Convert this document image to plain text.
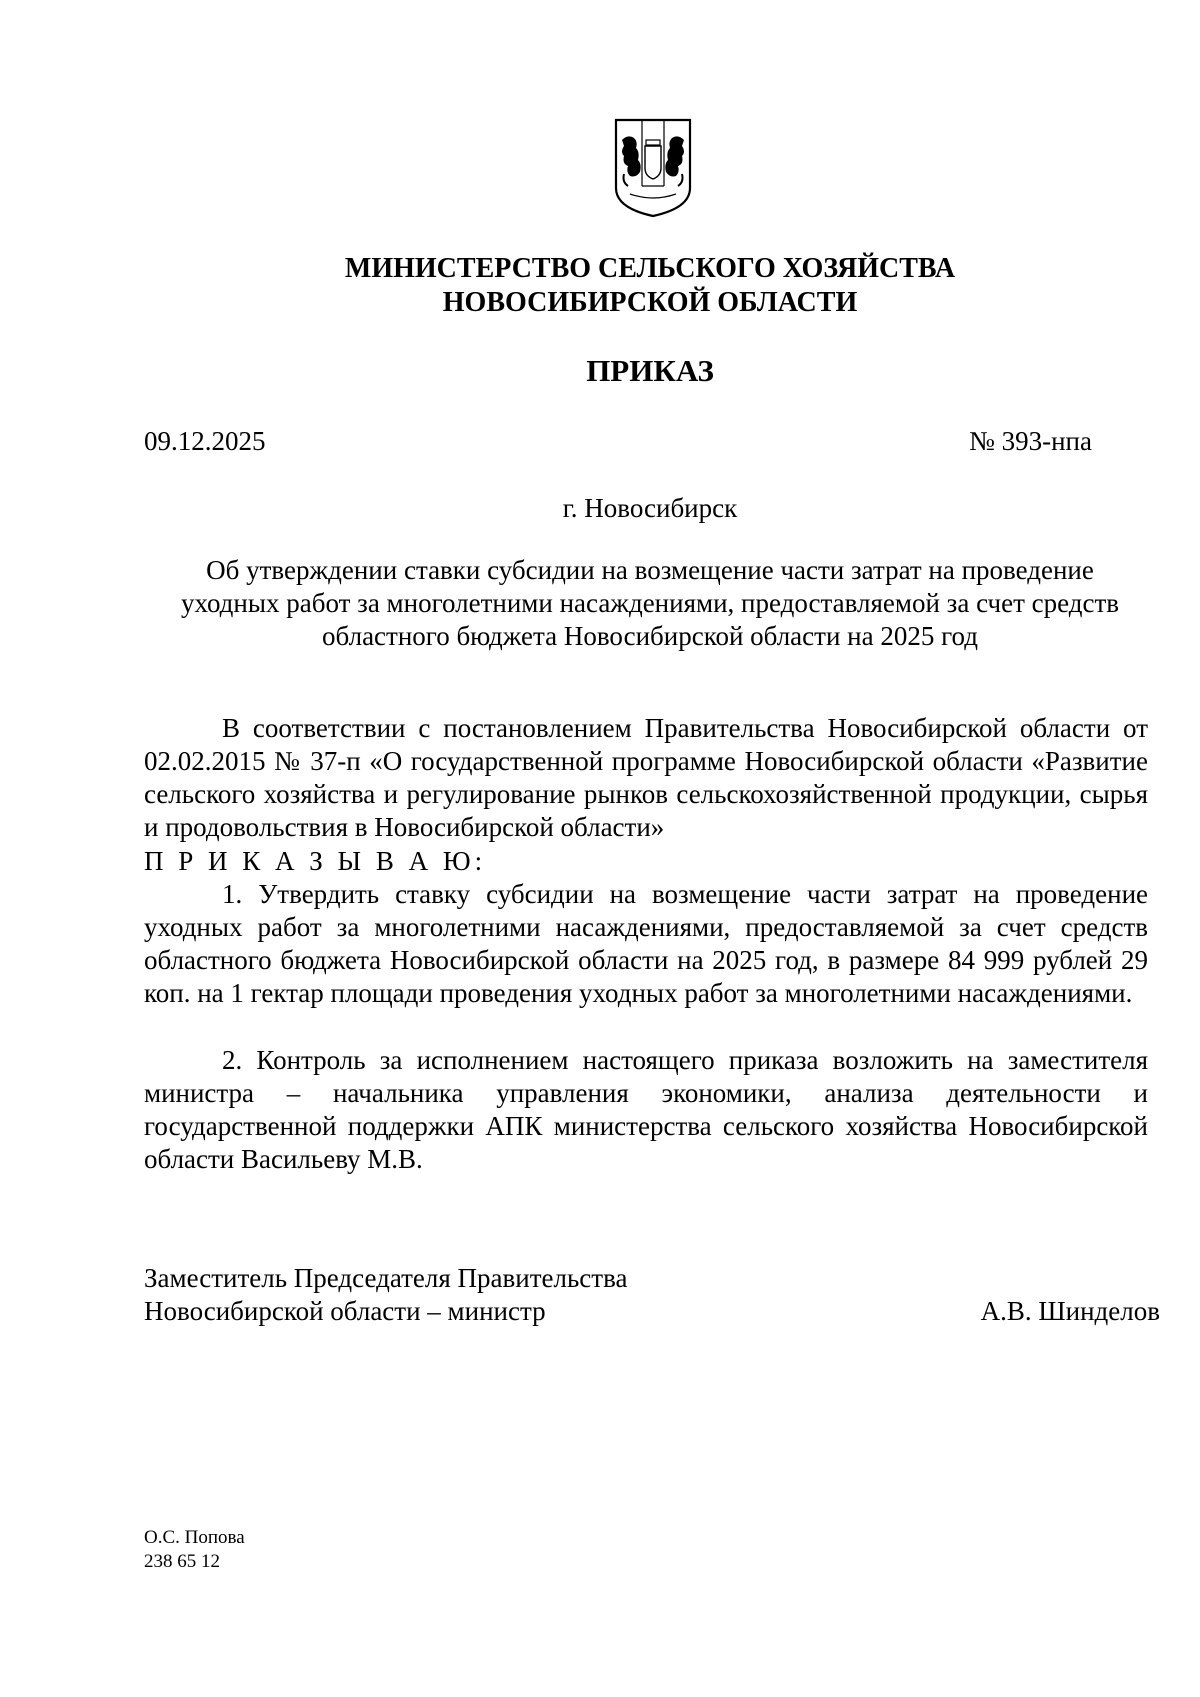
МИНИСТЕРСТВО СЕЛЬСКОГО ХОЗЯЙСТВА
НОВОСИБИРСКОЙ ОБЛАСТИ
ПРИКАЗ
09.12.2025	№ 393-нпа
г. Новосибирск
Об утверждении ставки субсидии на возмещение части затрат на проведение
уходных работ за многолетними насаждениями, предоставляемой за счет средств
областного бюджета Новосибирской области на 2025 год
В соответствии с постановлением Правительства Новосибирской области от 02.02.2015 № 37-п «О государственной программе Новосибирской области «Развитие сельского хозяйства и регулирование рынков сельскохозяйственной продукции, сырья и продовольствия в Новосибирской области»
П Р И К А З Ы В А Ю:
1. Утвердить ставку субсидии на возмещение части затрат на проведение уходных работ за многолетними насаждениями, предоставляемой за счет средств областного бюджета Новосибирской области на 2025 год, в размере 84 999 рублей 29 коп. на 1 гектар площади проведения уходных работ за многолетними насаждениями.
2. Контроль за исполнением настоящего приказа возложить на заместителя министра – начальника управления экономики, анализа деятельности и государственной поддержки АПК министерства сельского хозяйства Новосибирской области Васильеву М.В.
Заместитель Председателя Правительства
Новосибирской области – министр	А.В. Шинделов
О.С. Попова
238 65 12
